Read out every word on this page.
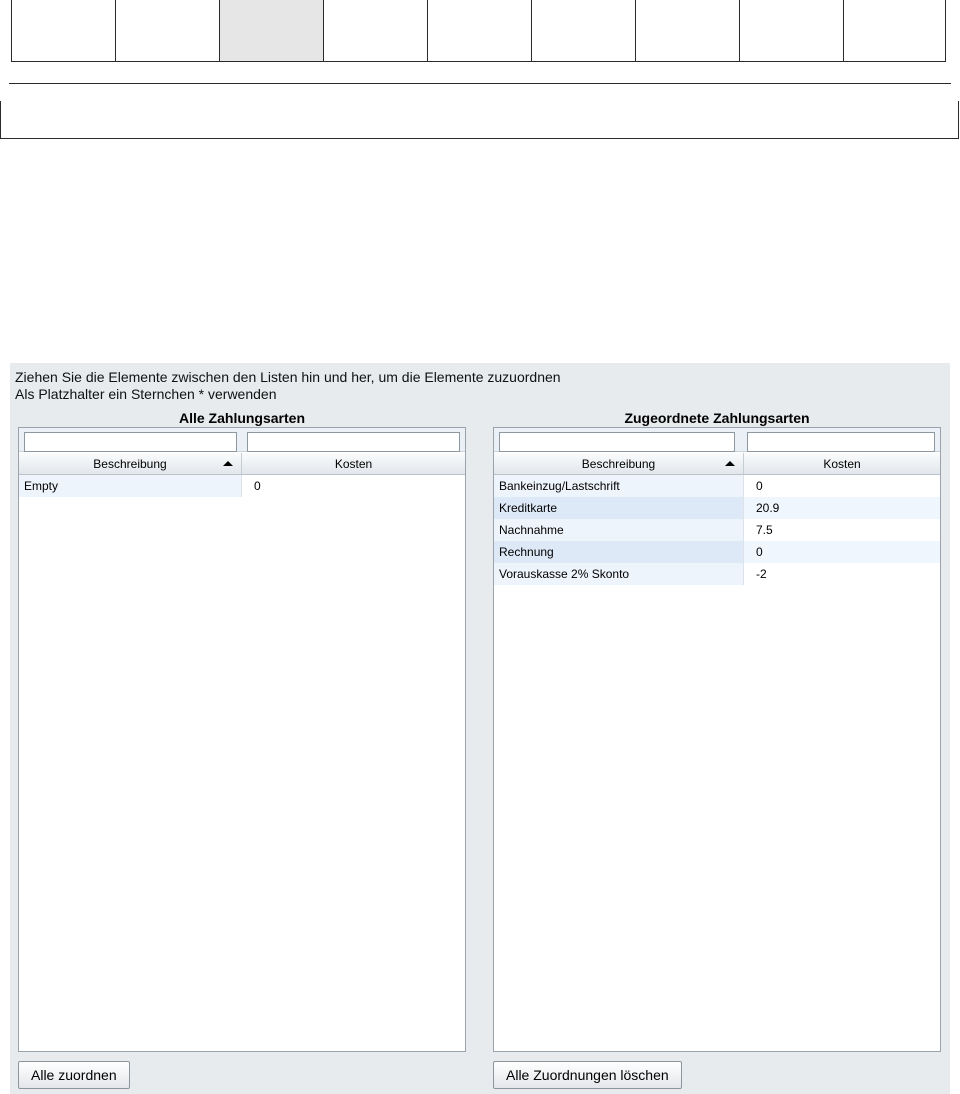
Ziehen Sie die Elemente zwischen den Listen hin und her, um die Elemente zuzuordnen
Als Platzhalter ein Sternchen * verwenden
Alle Zahlungsarten
Beschreibung	Kosten
Empty	0
Zugeordnete Zahlungsarten
Beschreibung	Kosten
Bankeinzug/Lastschrift	0
Kreditkarte	20.9
Nachnahme	7.5
Rechnung	0
Vorauskasse 2% Skonto	-2
Alle zuordnen	Alle Zuordnungen löschen
